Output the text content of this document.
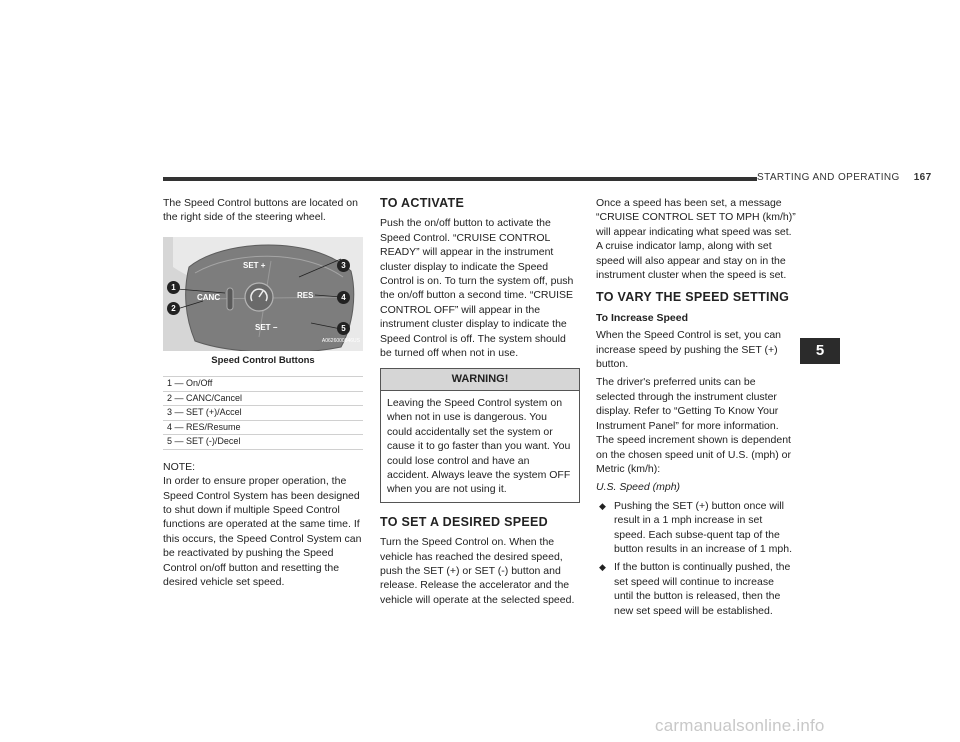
STARTING AND OPERATING 167
5

The Speed Control buttons are located on the right side of the steering wheel.

SET +
CANC	RES
SET −
1
2
3
4
5
A0626000846US
Speed Control Buttons
1 — On/Off
2 — CANC/Cancel
3 — SET (+)/Accel
4 — RES/Resume
5 — SET (-)/Decel
NOTE:

In order to ensure proper operation, the Speed Control System has been designed to shut down if multiple Speed Control functions are operated at the same time. If this occurs, the Speed Control System can be reactivated by pushing the Speed Control on/off button and resetting the desired vehicle set speed.

TO ACTIVATE

Push the on/off button to activate the Speed Control. “CRUISE CONTROL READY” will appear in the instrument cluster display to indicate the Speed Control is on. To turn the system off, push the on/off button a second time. “CRUISE CONTROL OFF” will appear in the instrument cluster display to indicate the Speed Control is off. The system should be turned off when not in use.

WARNING!
Leaving the Speed Control system on when not in use is dangerous. You could accidentally set the system or cause it to go faster than you want. You could lose control and have an accident. Always leave the system OFF when you are not using it.
TO SET A DESIRED SPEED

Turn the Speed Control on. When the vehicle has reached the desired speed, push the SET (+) or SET (-) button and release. Release the accelerator and the vehicle will operate at the selected speed.

Once a speed has been set, a message “CRUISE CONTROL SET TO MPH (km/h)” will appear indicating what speed was set.

A cruise indicator lamp, along with set speed will also appear and stay on in the instrument cluster when the speed is set.

TO VARY THE SPEED SETTING
To Increase Speed

When the Speed Control is set, you can increase speed by pushing the SET (+) button.

The driver's preferred units can be selected through the instrument cluster display. Refer to “Getting To Know Your Instrument Panel” for more information. The speed increment shown is dependent on the chosen speed unit of U.S. (mph) or Metric (km/h):

U.S. Speed (mph)

◆ Pushing the SET (+) button once will result in a 1 mph increase in set speed. Each subse-quent tap of the button results in an increase of 1 mph.
◆ If the button is continually pushed, the set speed will continue to increase until the button is released, then the new set speed will be established.
carmanualsonline.info
